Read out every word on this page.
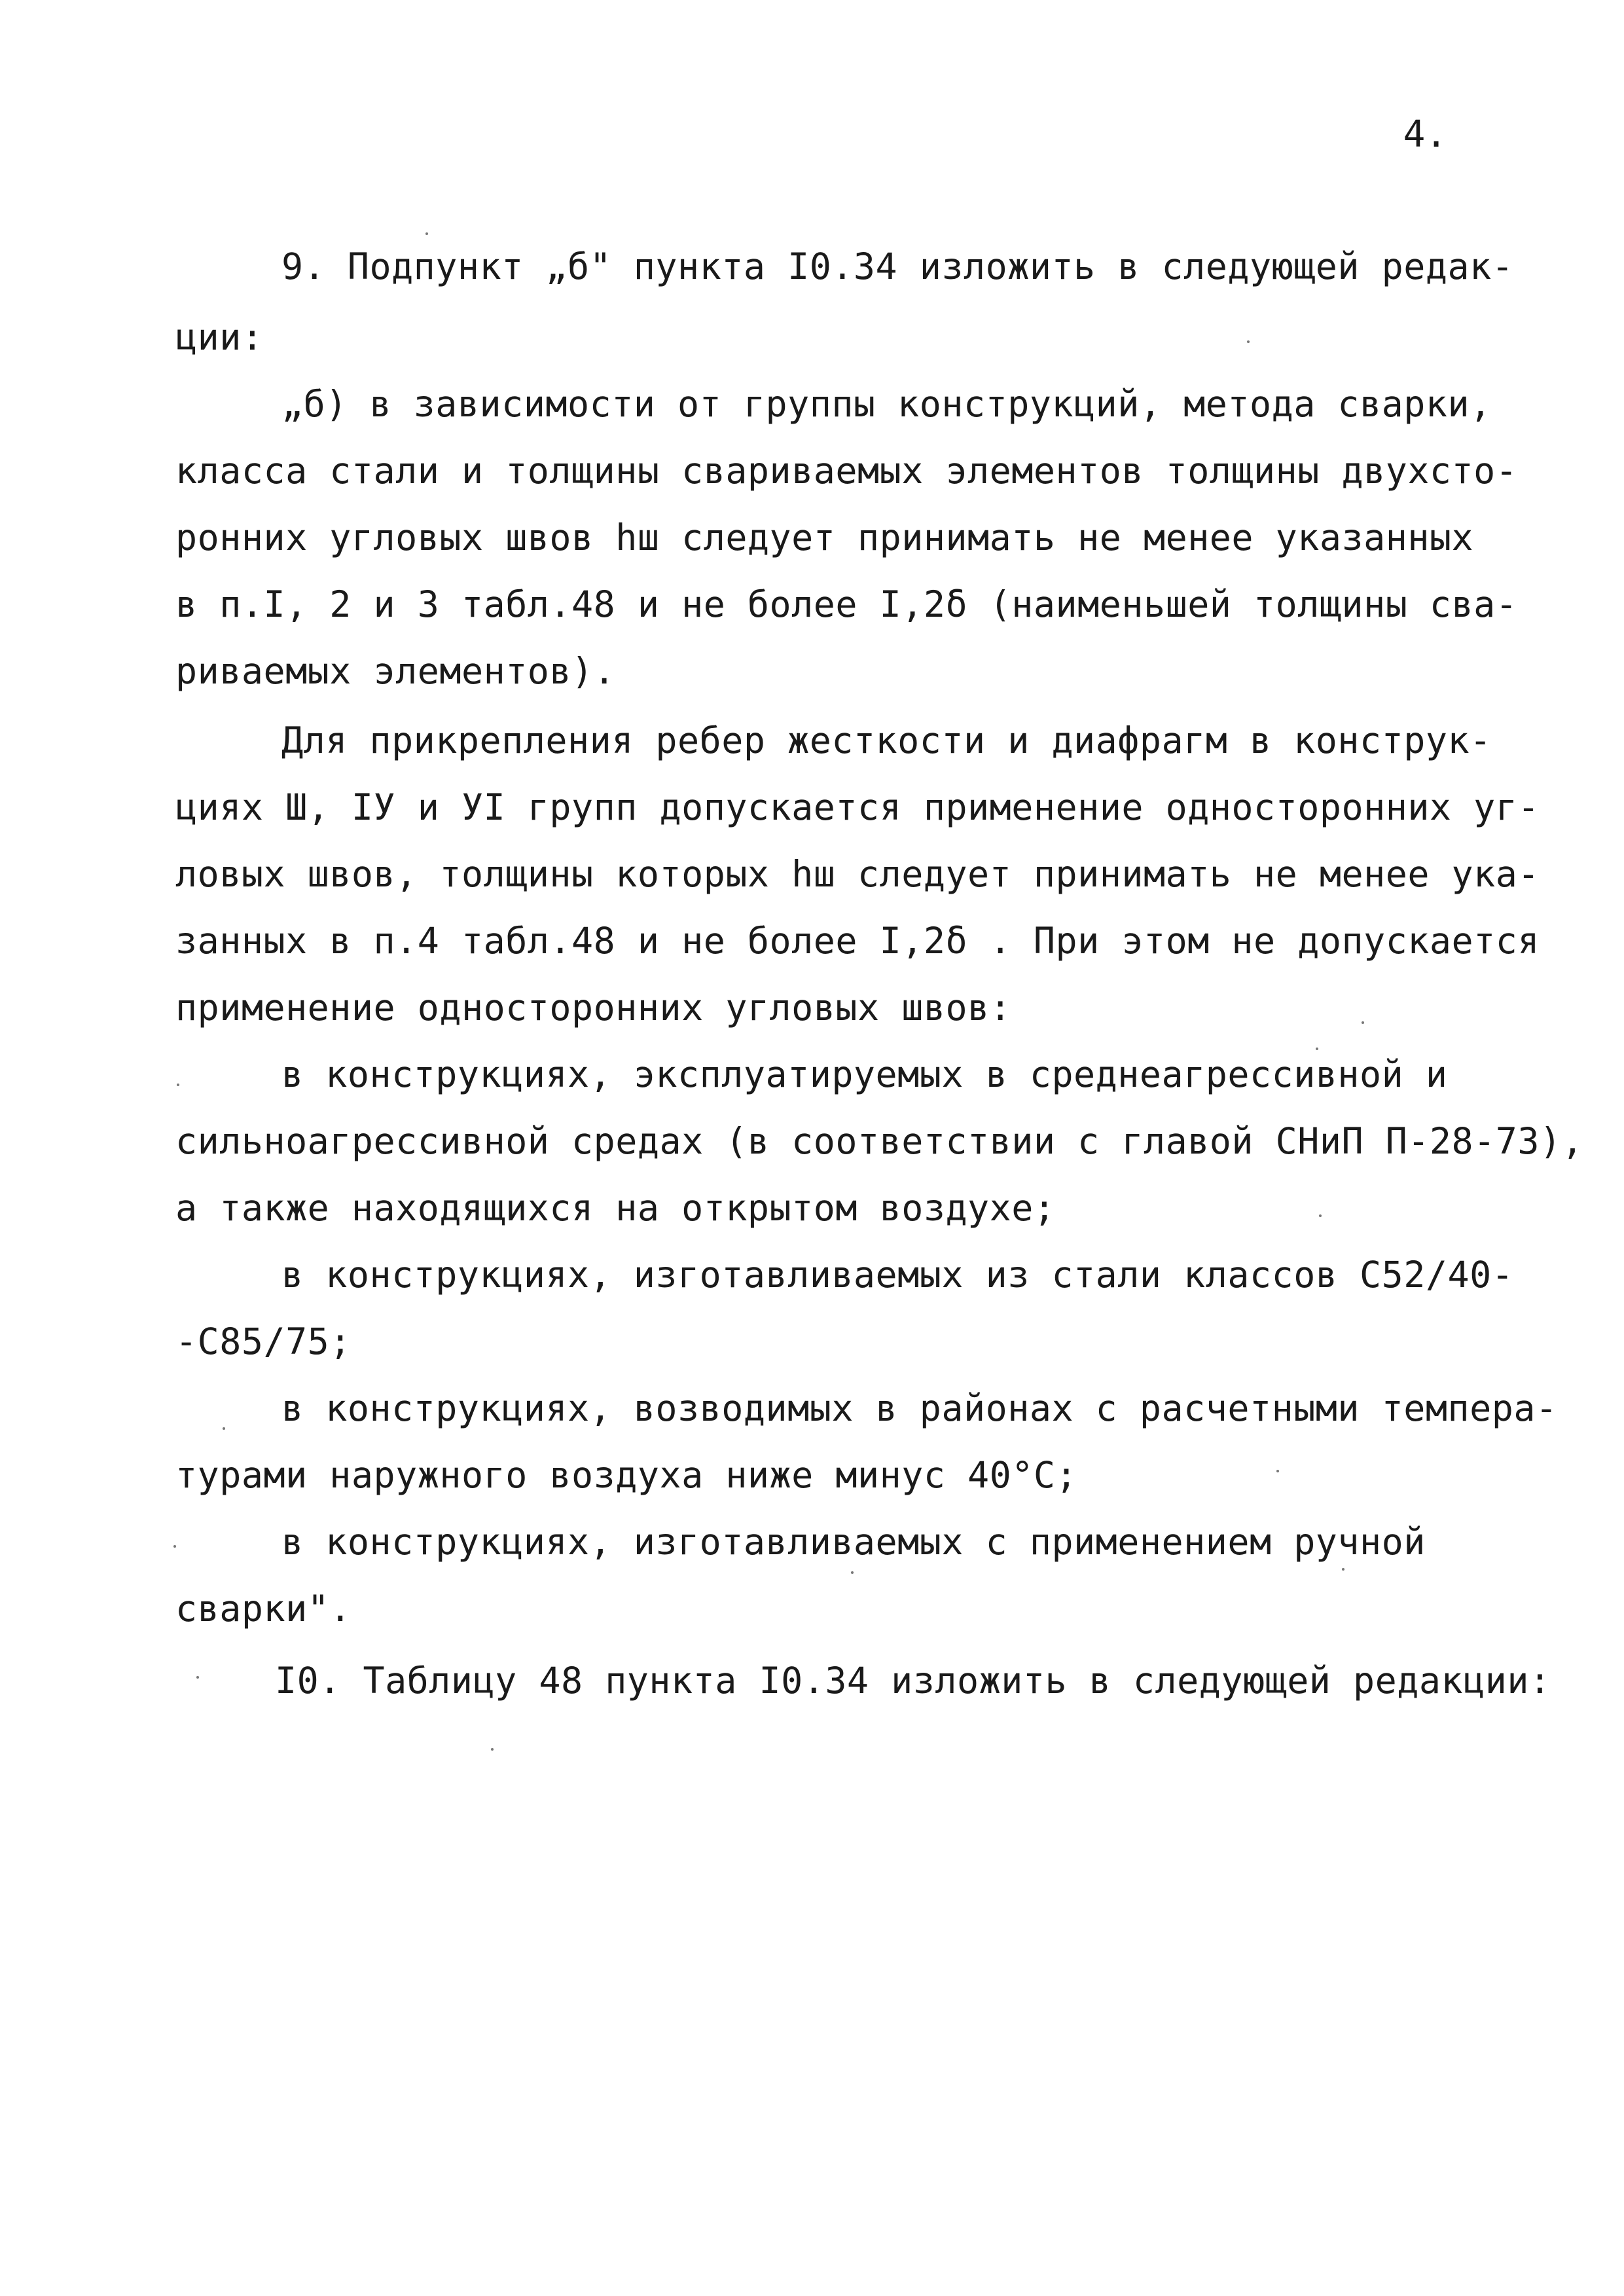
4.
9. Подпункт „б" пункта I0.34 изложить в следующей редак-
ции:
„б) в зависимости от группы конструкций, метода сварки,
класса стали и толщины свариваемых элементов толщины двухсто-
ронних угловых швов hш следует принимать не менее указанных
в п.I, 2 и 3 табл.48 и не более I,2δ (наименьшей толщины сва-
риваемых элементов).
Для прикрепления ребер жесткости и диафрагм в конструк-
циях Ш, IУ и УI групп допускается применение односторонних уг-
ловых швов, толщины которых hш следует принимать не менее ука-
занных в п.4 табл.48 и не более I,2δ . При этом не допускается
применение односторонних угловых швов:
в конструкциях, эксплуатируемых в среднеагрессивной и
сильноагрессивной средах (в соответствии с главой СНиП П-28-73),
а также находящихся на открытом воздухе;
в конструкциях, изготавливаемых из стали классов С52/40-
-С85/75;
в конструкциях, возводимых в районах с расчетными темпера-
турами наружного воздуха ниже минус 40°С;
в конструкциях, изготавливаемых с применением ручной
сварки".
I0. Таблицу 48 пункта I0.34 изложить в следующей редакции:
